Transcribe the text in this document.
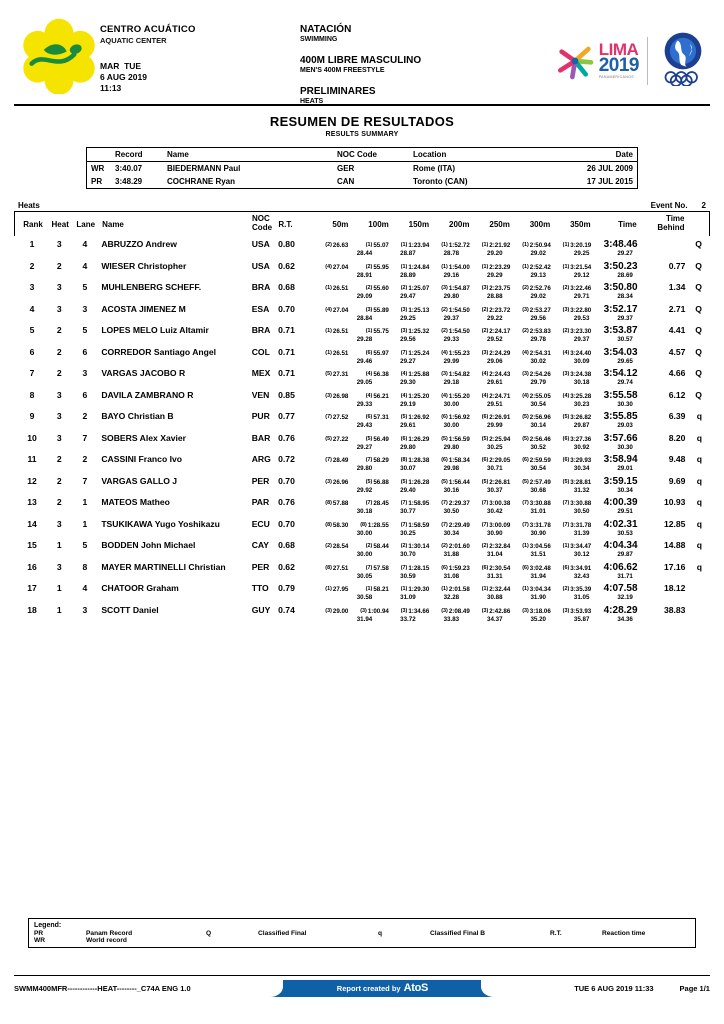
CENTRO ACUÁTICO
AQUATIC CENTER
MAR TUE
6 AUG 2019
11:13
NATACIÓN
SWIMMING
400M LIBRE MASCULINO
MEN'S 400M FREESTYLE
PRELIMINARES
HEATS
LIMA
2019
PANAMERICANOS
RESUMEN DE RESULTADOS
RESULTS SUMMARY
	Record	Name	NOC Code	Location	Date
WR	3:40.07	BIEDERMANN Paul	GER	Rome (ITA)	26 JUL 2009
PR	3:48.29	COCHRANE Ryan	CAN	Toronto (CAN)	17 JUL 2015
Heats	Event No. 2
Rank	Heat Lane Name
NOC
Code R.T.	50m	100m	150m	200m	250m	300m	350m	Time
Time
Behind
1	3	4	ABRUZZO Andrew	USA 0.80	(2)26.63	(1)55.07	(1)1:23.94	(1)1:52.72	(1)2:21.92	(1)2:50.94	(1)3:20.19	3:48.46	Q
28.44	28.87	28.78	29.20	29.02	29.25	29.27
2	2	4	WIESER Christopher	USA 0.62	(4)27.04	(2)55.95	(1)1:24.84	(1)1:54.00	(1)2:23.29	(1)2:52.42	(1)3:21.54	3:50.23	0.77	Q
28.91	28.89	29.16	29.29	29.13	29.12	28.69
3	3	5	MUHLENBERG SCHEFF.	BRA 0.68	(1)26.51	(2)55.60	(2)1:25.07	(3)1:54.87	(3)2:23.75	(2)2:52.76	(2)3:22.46	3:50.80	1.34	Q
29.09	29.47	29.80	28.88	29.02	29.71	28.34
4	3	3	ACOSTA JIMENEZ M	ESA	0.70	(4)27.04	(3)55.89	(3)1:25.13	(2)1:54.50	(2)2:23.72	(3)2:53.27	(3)3:22.80	3:52.17	2.71	Q
28.84	29.25	29.37	29.22	29.56	29.53	29.37
5	2	5	LOPES MELO Luiz Altamir	BRA 0.71	(1)26.51	(1)55.75	(3)1:25.32	(2)1:54.50	(2)2:24.17	(2)2:53.83	(2)3:23.30	3:53.87	4.41	Q
29.28	29.56	29.33	29.52	29.78	29.37	30.57
6	2	6	CORREDOR Santiago Angel	COL 0.71	(1)26.51	(6)55.97	(7)1:25.24	(4)1:55.23	(3)2:24.29	(4)2:54.31	(4)3:24.40	3:54.03	4.57	Q
29.46	29.27	29.99	29.06	30.02	30.09	29.65
7	2	3	VARGAS JACOBO R	MEX 0.71	(5)27.31	(4)56.38	(4)1:25.88	(3)1:54.82	(4)2:24.43	(3)2:54.26	(3)3:24.38	3:54.12	4.66	Q
29.05	29.30	29.18	29.61	29.79	30.18	29.74
8	3	6	DAVILA ZAMBRANO R	VEN	0.85	(3)26.98	(4)56.21	(4)1:25.20	(4)1:55.20	(4)2:24.71	(4)2:55.05	(4)3:25.28	3:55.58	6.12	Q
29.33	29.19	30.00	29.51	30.54	30.23	30.30
9	3	2	BAYO Christian B	PUR 0.77	(7)27.52	(6)57.31	(5)1:26.92	(6)1:56.92	(6)2:26.91	(5)2:56.96	(5)3:26.82	3:55.85	6.39	q
29.43	29.61	30.00	29.99	30.14	29.87	29.03
10	3	7	SOBERS Alex Xavier	BAR 0.76	(5)27.22	(5)56.49	(6)1:26.29	(5)1:56.59	(5)2:25.94	(5)2:56.46	(6)3:27.36	3:57.66	8.20	q
29.27	29.80	29.80	30.25	30.52	30.92	30.30
11	2	2	CASSINI Franco Ivo	ARG 0.72	(7)28.49	(7)58.29	(8)1:28.38	(6)1:58.34	(6)2:29.05	(6)2:59.59	(6)3:29.93	3:58.94	9.48	q
29.80	30.07	29.98	30.71	30.54	30.34	29.01
12	2	7	VARGAS GALLO J	PER	0.70	(3)26.96	(5)56.88	(5)1:26.28	(5)1:56.44	(5)2:26.81	(5)2:57.49	(5)3:28.81	3:59.15	9.69	q
29.92	29.40	30.16	30.37	30.68	31.32	30.34
13	2	1	MATEOS Matheo	PAR	0.76	(8)57.88	(7)28.45	(7)1:58.95	(7)2:29.37	(7)3:00.38	(7)3:30.88	(7)3:30.88	4:00.39	10.93	q
30.18	30.77	30.50	30.42	31.01	30.50	29.51
14	3	1	TSUKIKAWA Yugo Yoshikazu	ECU 0.70	(8)58.30	(8)1:28.55	(7)1:58.59	(7)2:29.49	(7)3:00.09	(7)3:31.78	(7)3:31.78	4:02.31	12.85	q
30.00	30.25	30.34	30.90	30.90	31.39	30.53
15	1	5	BODDEN John Michael	CAY	0.68	(2)28.54	(2)58.44	(2)1:30.14	(2)2:01.60	(2)2:32.84	(1)3:04.56	(1)3:34.47	4:04.34	14.88	q
30.00	30.70	31.88	31.04	31.51	30.12	29.87
16	3	8	MAYER MARTINELLI Christian	PER	0.62	(8)27.51	(7)57.58	(7)1:28.15	(6)1:59.23	(6)2:30.54	(6)3:02.48	(6)3:34.91	4:06.62	17.16	q
30.05	30.59	31.08	31.31	31.94	32.43	31.71
17	1	4	CHATOOR Graham	TTO	0.79	(1)27.95	(1)58.21	(1)1:29.30	(1)2:01.58	(1)2:32.44	(1)3:04.34	(2)3:35.39	4:07.58	18.12
30.58	31.09	32.28	30.88	31.90	31.05	32.19
18	1	3	SCOTT Daniel	GUY 0.74	(3)29.00	(3)1:00.94	(3)1:34.66	(3)2:08.49	(3)2:42.86	(3)3:18.06	(3)3:53.93	4:28.29	38.83
31.94	33.72	33.83	34.37	35.20	35.87	34.36
Legend:
PR	Panam Record
WR	World record
Q	Classified Final	q	Classified Final B	R.T.	Reaction time
SWMM400MFR------------HEAT--------_C74A ENG 1.0	Report created by AtoS	TUE 6 AUG 2019 11:33	Page 1/1
